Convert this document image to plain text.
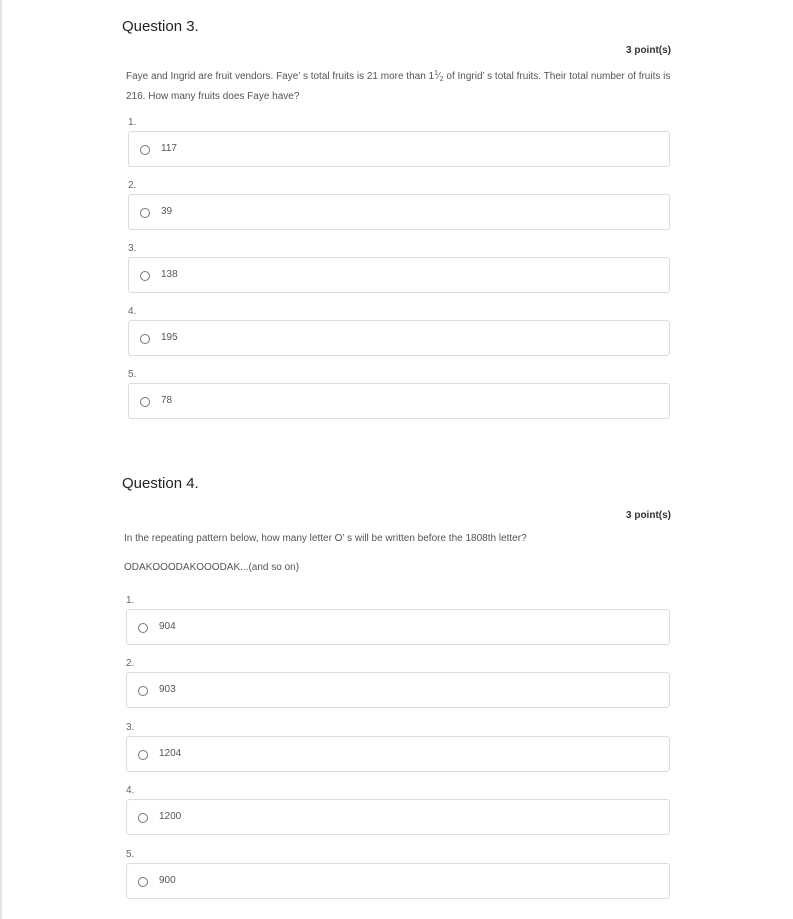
Question 3.
3 point(s)
Faye and Ingrid are fruit vendors. Faye’ s total fruits is 21 more than $1^1⁄_2$ of Ingrid’ s total fruits. Their total number of fruits is 216. How many fruits does Faye have?
1.
117
2.
39
3.
138
4.
195
5.
78
Question 4.
3 point(s)
In the repeating pattern below, how many letter O’ s will be written before the 1808th letter?
ODAKOOODAKOOODAK...(and so on)
1.
904
2.
903
3.
1204
4.
1200
5.
900
